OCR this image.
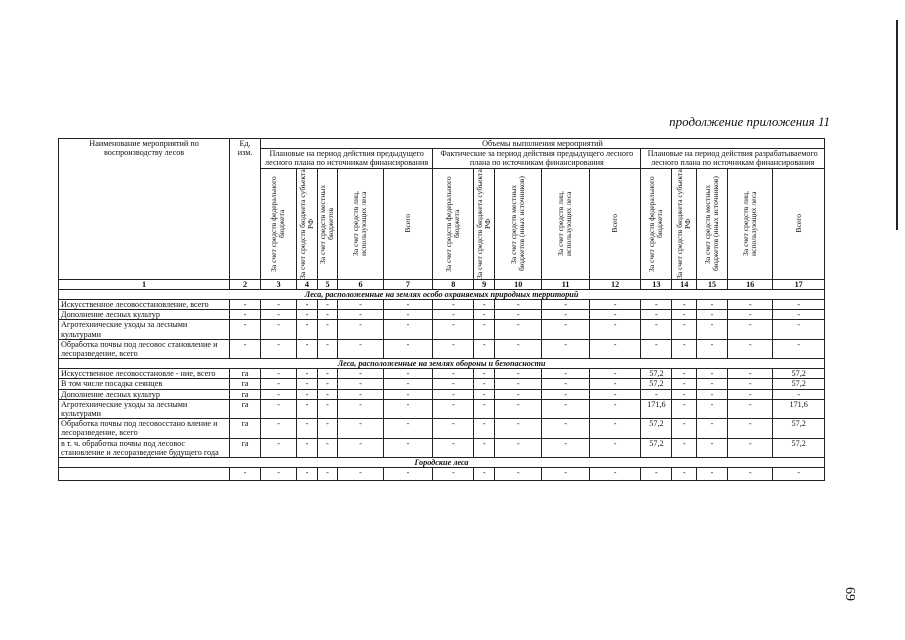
продолжение приложения 11
69
Наименование мероприятий по воспроизводству лесов	Ед. изм.	Объемы выполнения мероприятий														
		Плановые на период действия предыдущего лесного плана по источникам финансирования					Фактические за период действия предыдущего лесного плана по источникам финансирования					Плановые на период действия разрабатываемого лесного плана по источникам финансирования				

		За счет средств федерального бюджета	За счет средств бюджета субъекта РФ	За счет средств местных бюджетов	За счет средств лиц, использующих леса	Всего	За счет средств федерального бюджета	За счет средств бюджета субъекта РФ	За счет средств местных бюджетов (иных источников)	За счет средств лиц, использующих леса	Всего	За счет средств федерального бюджета	За счет средств бюджета субъекта РФ	За счет средств местных бюджетов (иных источников)	За счет средств лиц, использующих леса	Всего

1	2	3	4	5	6	7	8	9	10	11	12	13	14	15	16	17
Леса, расположенные на землях особо охраняемых природных территорий																
Искусственное лесовосстановление, всего	-	-	-	-	-	-	-	-	-	-	-	-	-	-	-	-
Дополнение лесных культур	-	-	-	-	-	-	-	-	-	-	-	-	-	-	-	-
Агротехнические уходы за лесными культурами	-	-	-	-	-	-	-	-	-	-	-	-	-	-	-	-
Обработка почвы под лесовос становление и лесоразведение, всего	-	-	-	-	-	-	-	-	-	-	-	-	-	-	-	-
Леса, расположенные на землях обороны и безопасности																
Искусственное лесовосстановле - ние, всего	га	-	-	-	-	-	-	-	-	-	-	57,2	-	-	-	57,2
В том числе посадка сеянцев	га	-	-	-	-	-	-	-	-	-	-	57,2	-	-	-	57,2
Дополнение лесных культур	га	-	-	-	-	-	-	-	-	-	-	-	-	-	-	-
Агротехнические уходы за лесными культурами	га	-	-	-	-	-	-	-	-	-	-	171,6	-	-	-	171,6
Обработка почвы под лесовосстано вление и лесоразведение, всего	га	-	-	-	-	-	-	-	-	-	-	57,2	-	-	-	57,2
в т. ч. обработка почвы под лесовос становление и лесоразведение будущего года	га	-	-	-	-	-	-	-	-	-	-	57,2	-	-	-	57,2
Городские леса																
	-	-	-	-	-	-	-	-	-	-	-	-	-	-	-	-
